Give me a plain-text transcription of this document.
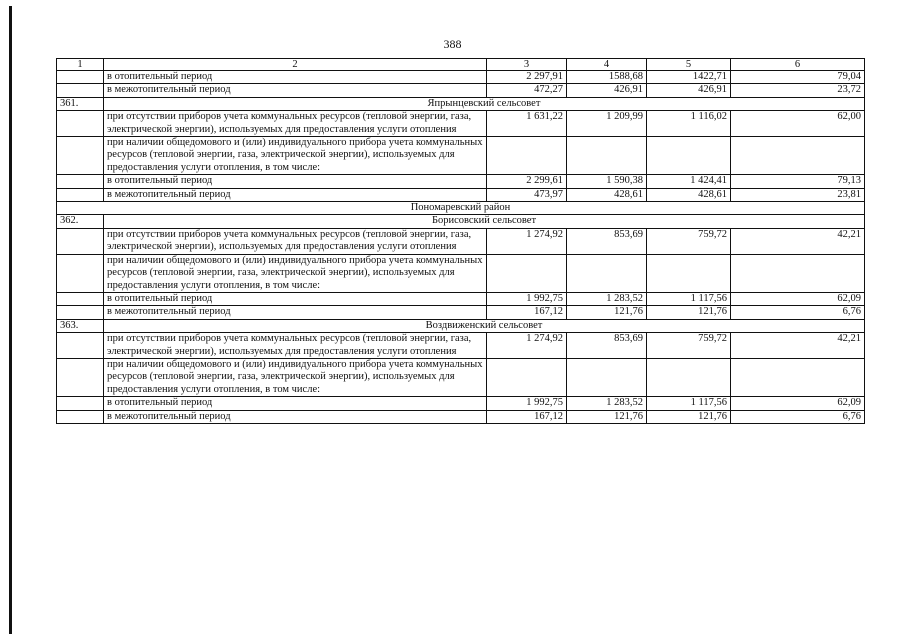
388
1	2	3	4	5	6
	в отопительный период	2 297,91	1588,68	1422,71	79,04
	в межотопительный период	472,27	426,91	426,91	23,72
361.	Япрынцевский сельсовет				
	при отсутствии приборов учета коммунальных ресурсов (тепловой энергии, газа, электрической энергии), используемых для предоставления услуги отопления	1 631,22	1 209,99	1 116,02	62,00
	при наличии общедомового и (или) индивидуального прибора учета коммунальных ресурсов (тепловой энергии, газа, электрической энергии), используемых для предоставления услуги отопления, в том числе:				
	в отопительный период	2 299,61	1 590,38	1 424,41	79,13
	в межотопительный период	473,97	428,61	428,61	23,81
Пономаревский район					
362.	Борисовский сельсовет				
	при отсутствии приборов учета коммунальных ресурсов (тепловой энергии, газа, электрической энергии), используемых для предоставления услуги отопления	1 274,92	853,69	759,72	42,21
	при наличии общедомового и (или) индивидуального прибора учета коммунальных ресурсов (тепловой энергии, газа, электрической энергии), используемых для предоставления услуги отопления, в том числе:				
	в отопительный период	1 992,75	1 283,52	1 117,56	62,09
	в межотопительный период	167,12	121,76	121,76	6,76
363.	Воздвиженский сельсовет				
	при отсутствии приборов учета коммунальных ресурсов (тепловой энергии, газа, электрической энергии), используемых для предоставления услуги отопления	1 274,92	853,69	759,72	42,21
	при наличии общедомового и (или) индивидуального прибора учета коммунальных ресурсов (тепловой энергии, газа, электрической энергии), используемых для предоставления услуги отопления, в том числе:				
	в отопительный период	1 992,75	1 283,52	1 117,56	62,09
	в межотопительный период	167,12	121,76	121,76	6,76
